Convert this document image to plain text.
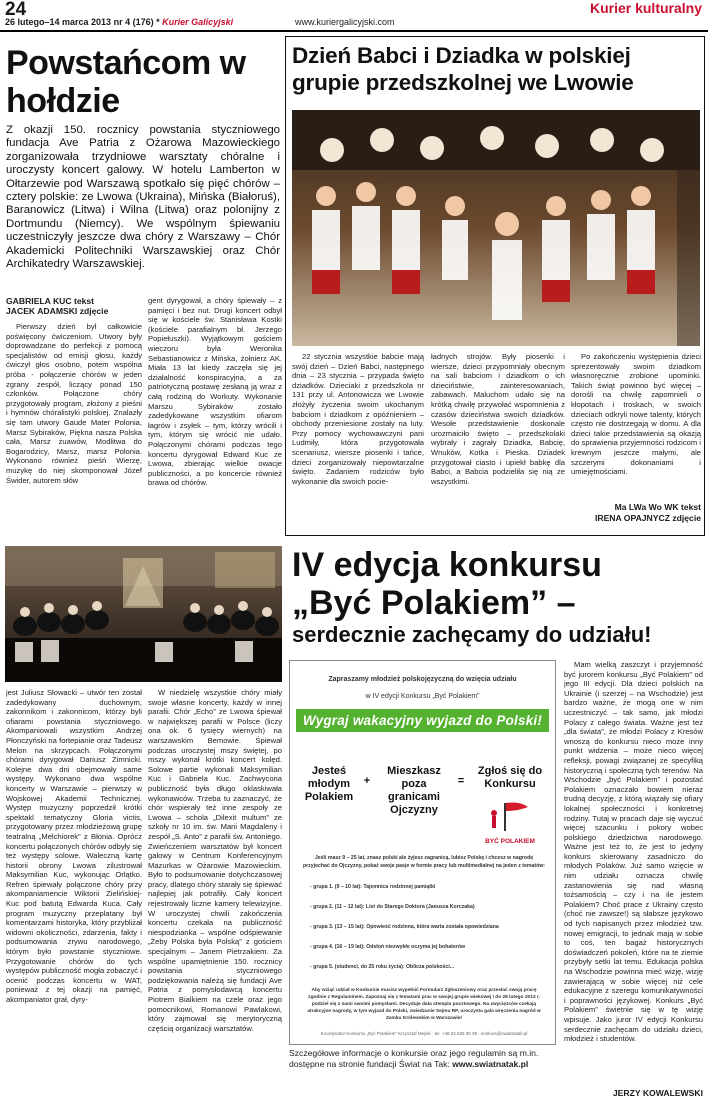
24
26 lutego–14 marca 2013 nr 4 (176) * Kurier Galicyjski	www.kuriergalicyjski.com
Kurier kulturalny
Powstańcom w hołdzie
Z okazji 150. rocznicy powstania styczniowego fundacja Ave Patria z Ożarowa Mazowieckiego zorganizowała trzydniowe warsztaty chóralne i uroczysty koncert galowy. W hotelu Lamberton w Ołtarzewie pod Warszawą spotkało się pięć chórów – cztery polskie: ze Lwowa (Ukraina), Mińska (Białoruś), Baranowicz (Litwa) i Wilna (Litwa) oraz polonijny z Dortmundu (Niemcy). We wspólnym śpiewaniu uczestniczyły jeszcze dwa chóry z Warszawy – Chór Akademicki Politechniki Warszawskiej oraz Chór Archikatedry Warszawskiej.
GABRIELA KUC tekst
JACEK ADAMSKI zdjęcie

Pierwszy dzień był całkowicie poświęcony ćwiczeniom. Utwory były doprowadzane do perfekcji z pomocą specjalistów od emisji głosu, każdy ćwiczył głos osobno, potem wspólna próba - połączenie chórów w jeden zgrany zespół, liczący ponad 150 członków. Połączone chóry przygotowały program, złożony z pieśni i hymnów chóralistyki polskiej. Znalazły się tam utwory Gaude Mater Polonia, Marsz Sybiraków, Piękna nasza Polska cała, Marsz żuawów, Modlitwa do Bogarodzicy, Marsz, marsz Polonia. Wykonano również pieśń Wierzę, muzykę do niej skomponował Józef Świder, autorem słów

gent dyrygował, a chóry śpiewały – z pamięci i bez nut. Drugi koncert odbył się w kościele św. Stanisława Kostki (kościele parafialnym bł. Jerzego Popiełuszki). Wyjątkowym gościem wieczoru była Weronika Sebastianowicz z Mińska, żołnierz AK. Miała 13 lat kiedy zaczęła się jej działalność konspiracyjna, a za patriotyczną postawę zesłaną ją wraz z całą rodziną do Workuty. Wykonanie Marszu Sybiraków zostało zadedykowane wszystkim ofiarom łagrów i zsyłek – tym, którzy wrócili i tym, którym się wrócić nie udało. Połączonymi chórami podczas tego koncertu dyrygował Edward Kuc ze Lwowa, zbierając wielkie owacje publiczności, a po koncercie również brawa od chórów.

jest Juliusz Słowacki – utwór ten został zadedykowany duchownym, zakonnikom i zakonnicom, którzy byli ofiarami powstania styczniowego. Akompaniowali wszystkim Andrzej Płonczyński na fortepianie oraz Tadeusz Melon na skrzypcach. Połączonymi chórami dyrygował Dariusz Zimnicki. Kolejne dwa dni obejmowały same występy. Wykonano dwa wspólne koncerty w Warszawie – pierwszy w Wojskowej Akademii Technicznej. Występ muzyczny poprzedził krótki spektakl tematyczny Gloria victis, przygotowany przez młodzieżową grupę teatralną „Melchiorek” z Błonia. Oprócz koncertu połączonych chórów odbyły się też występy solowe. Waleczną kartę historii obrony Lwowa zilustrował Maksymilian Kuc, wykonując Orlątko. Refren śpiewały połączone chóry przy akompaniamencie Wiktorii Zielińskiej-Kuc pod batutą Edwarda Kuca. Cały program muzyczny przeplatany był komentarzami historyka, który przybliżał widowni okoliczności, zdarzenia, fakty i podsumowania zrywu narodowego, którym było powstanie styczniowe. Przygotowanie chórów do tych występów publiczność mogła zobaczyć i ocenić podczas koncertu w WAT, ponieważ z tej okazji na pamięć, akompaniator grał, dyry-

W niedzielę wszystkie chóry miały swoje własne koncerty, każdy w innej parafii. Chór „Echo” ze Lwowa śpiewał w największej parafii w Polsce (liczy ona ok. 6 tysięcy wiernych) na warszawskim Bemowie. Śpiewał podczas uroczystej mszy świętej, po mszy wykonał krótki koncert kolęd. Solowe partie wykonali Maksymilian Kuc i Gabriela Kuc. Zachwycona publiczność była długo oklaskiwała wykonawców. Trzeba tu zaznaczyć, że chór wspierały też inne zespoły ze Lwowa – schola „Dilexit multum” ze szkoły nr 10 im. św. Marii Magdaleny i zespół „S. Anto” z parafii św. Antoniego. Zwieńczeniem warsztatów był koncert galowy w Centrum Konferencyjnym Mazurkas w Ożarowie Mazowieckim. Było to podsumowanie dotychczasowej pracy, dlatego chóry starały się śpiewać najlepiej jak potrafiły. Cały koncert rejestrowały liczne kamery telewizyjne. W uroczystej chwili zakończenia koncertu czekała na publiczność niespodzianka – wspólne odśpiewanie „Żeby Polska była Polską” z gościem specjalnym – Janem Pietrzakiem. Za wspólne upamiętnienie 150. rocznicy powstania styczniowego podziękowania należą się fundacji Ave Patria z pomysłodawcą koncertu Piotrem Bialkiem na czele oraz jego pomocnikowi, Romanowi Pawlakowi, który zajmował się merytoryczną częścią organizacji warsztatów.

Dzień Babci i Dziadka w polskiej grupie przedszkolnej we Lwowie

22 stycznia wszystkie babcie mają swój dzień – Dzień Babci, następnego dnia – 23 stycznia – przypada święto dziadków. Dzieciaki z przedszkola nr 131 przy ul. Antonowicza we Lwowie złożyły życzenia swoim ukochanym babciom i dziadkom z opóźnieniem – obchody przeniesione zostały na luty. Przy pomocy wychowawczyni pani Ludmiły, która przygotowała scenariusz, wiersze piosenki i tańce, dzieci zorganizowały niepowtarzalne święto. Zadaniem rodziców było wykonanie dla swoich pocie-

ładnych strojów. Były piosenki i wiersze, dzieci przypomniały obecnym na sali babciom i dziadkom o ich dzieciństwie, zainteresowaniach, zabawach. Maluchom udało się na krótką chwilę przywołać wspomnienia z czasów dzieciństwa swoich dziadków. Wesołe przedstawienie doskonale urozmaiciło święto – przedszkolaki wybrały i zagrały Dziadka, Babcię, Wnuków, Kotka i Pieska. Dziadek przygotował ciasto i upiekł babkę dla Babci, a Babcia podzieliła się nią ze wszystkimi.

Po zakończeniu występienia dzieci sprezentowały swoim dziadkom własnoręcznie zrobione upominki. Takich świąt powinno być więcej – dorośli na chwilę zapomnieli o kłopotach i troskach, w swoich dzieciach odkryli nowe talenty, których często nie dostrzegają w domu. A dla dzieci takie przedstawienia są okazją do sprawienia przyjemności rodzicom i krewnym jeszcze małymi, ale szczerymi dokonaniami i umiejętnościami.

Ma LWa Wo WK tekst
IRENA OPAJNYCZ zdjęcie
IV edycja konkursu
„Być Polakiem” –
serdecznie zachęcamy do udziału!
Zapraszamy młodzież polskojęzyczną do wzięcia udziału
w IV edycji Konkursu „Być Polakiem”
Wygraj wakacyjny wyjazd do Polski!
Jesteś młodym Polakiem
+
Mieszkasz poza granicami Ojczyzny
=
Zgłoś się do Konkursu
BYĆ POLAKIEM
Jeśli masz 9 – 25 lat, znasz polski ale żyjesz zagranicą, lubisz Polskę i chcesz w nagrodę przyjechać do Ojczyzny, pokaż swoje pasje w formie pracy lub multimedialnej na jeden z tematów:
- grupa 1. (9 – 10 lat): Tajemnica rodzinnej pamiątki
- grupa 2. (11 – 12 lat): List do Starego Doktora (Janusza Korczaka)
- grupa 3. (13 – 15 lat): Opowieść rodzinna, która warta została opowiedziana
- grupa 4. (16 – 19 lat): Odsłoń niezwykłe oczyma jej bohaterów
- grupa 5. (studenci, do 25 roku życia): Oblicza polskości...
Aby wziąć udział w Konkursie musisz wypełnić Formularz Zgłoszeniowy oraz przesłać swoją pracę zgodnie z Regulaminem. Zapoznaj się z tematami prac w swojej grupie wiekowej i do 28 lutego 2013 r. podziel się z nami swoimi pomysłami. Decyduje data stempla pocztowego. Na zwycięzców czekają atrakcyjne nagrody, w tym wyjazd do Polski, zwiedzanie Sejmu RP, uroczysta gala wręczenia nagród w Zamku Królewskim w Warszawie!
Koordynator Konkursu „Być Polakiem” Krzysztof Mejsik · tel. +48 22 628 35 39 · konkurs@swiatnatak.pl
Szczegółowe informacje o konkursie oraz jego regulamin są m.in. dostępne na stronie fundacji Świat na Tak: www.swiatnatak.pl

Mam wielką zaszczyt i przyjemność być jurorem konkursu „Być Polakiem” od jego III edycji. Dla dzieci polskich na Ukrainie (i szerzej – na Wschodzie) jest bardzo ważne, że mogą one w nim uczestniczyć – tak samo, jak młodzi Polacy z całego świata. Ważne jest też „dla świata”, że młodzi Polacy z Kresów wnoszą do konkursu nieco może inny punkt widzenia – może nieco więcej refleksji, powagi związanej ze specyfiką historyczną i społeczną tych terenów. Na Wschodzie „być Polakiem” i pozostać Polakiem oznaczało bowiem nieraz trudną decyzję, z którą wiązały się ofiary lokalnej społeczności i konkretnej rodziny. Tutaj w pracach daje się wyczuć więcej szacunku i pokory wobec polskiego dziedzictwa narodowego. Ważne jest też to, że jest to jedyny konkurs skierowany zasadniczo do młodych Polaków. Już samo wzięcie w nim udziału oznacza chwilę zastanowienia się nad własną tożsamością – czy i na ile jestem Polakiem? Choć prace z Ukrainy często (choć nie zawsze!) są słabsze językowo od tych napisanych przez młodzież tzw. nowej emigracji, to jednak mają w sobie to coś, ten bagaż historycznych doświadczeń pokoleń, które na te ziemie przybyły setki lat temu. Edukacja polska na Wschodzie powinna mieć wizję, wizję zawierającą w sobie więcej niż cele edukacyjne z szeregu komunikatywności i poprawności językowej. Konkurs „Być Polakiem” świetnie się w tę wizję wpisuje. Jako juror IV edycji Konkursu serdecznie zachęcam do udziału dzieci, młodzież i studentów.

JERZY KOWALEWSKI
